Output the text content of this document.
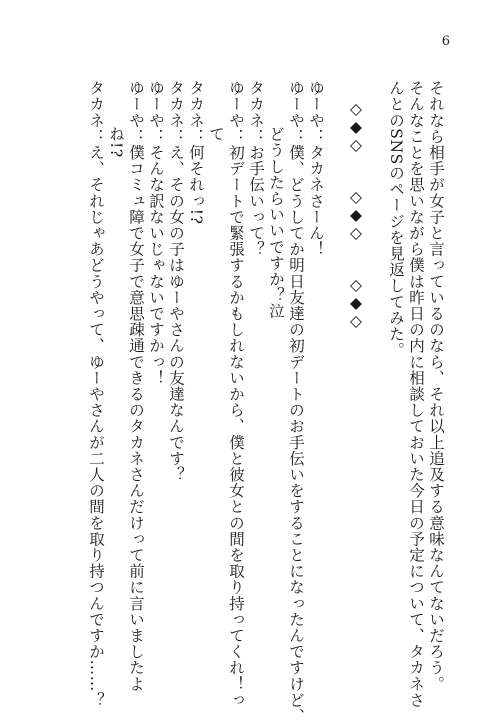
6
それなら相手が女子と言っているのなら、それ以上追及する意味なんてないだろう。
そんなことを思いながら僕は昨日の内に相談しておいた今日の予定について、タカネさ
んとのSNSのページを見返してみた。
◇◆◇◇◆◇◇◆◇
ゆーや：タカネさーん！
ゆーや：僕、どうしてか明日友達の初デートのお手伝いをすることになったんですけど、
どうしたらいいですか？泣
タカネ：お手伝いって？
ゆーや：初デートで緊張するかもしれないから、僕と彼女との間を取り持ってくれ！っ
て
タカネ：何それっ!?
タカネ：え、その女の子はゆーやさんの友達なんです？
ゆーや：そんな訳ないじゃないですかっ！
ゆーや：僕コミュ障で女子で意思疎通できるのタカネさんだけって前に言いましたよ
ね!?
タカネ：え、それじゃあどうやって、ゆーやさんが二人の間を取り持つんですか……？
